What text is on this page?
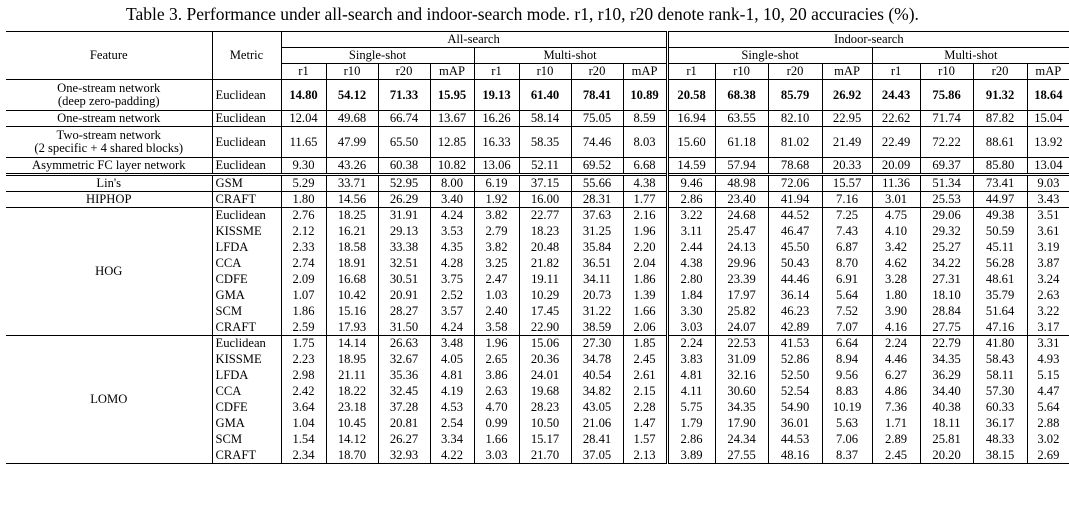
Table 3. Performance under all-search and indoor-search mode. r1, r10, r20 denote rank-1, 10, 20 accuracies (%).
Feature	Metric	All-search								Indoor-search							
		Single-shot				Multi-shot				Single-shot				Multi-shot			
		r1	r10	r20	mAP	r1	r10	r20	mAP	r1	r10	r20	mAP	r1	r10	r20	mAP
One-stream network
(deep zero-padding)	Euclidean	14.80	54.12	71.33	15.95	19.13	61.40	78.41	10.89	20.58	68.38	85.79	26.92	24.43	75.86	91.32	18.64
One-stream network	Euclidean	12.04	49.68	66.74	13.67	16.26	58.14	75.05	8.59	16.94	63.55	82.10	22.95	22.62	71.74	87.82	15.04
Two-stream network
(2 specific + 4 shared blocks)	Euclidean	11.65	47.99	65.50	12.85	16.33	58.35	74.46	8.03	15.60	61.18	81.02	21.49	22.49	72.22	88.61	13.92
Asymmetric FC layer network	Euclidean	9.30	43.26	60.38	10.82	13.06	52.11	69.52	6.68	14.59	57.94	78.68	20.33	20.09	69.37	85.80	13.04
Lin's	GSM	5.29	33.71	52.95	8.00	6.19	37.15	55.66	4.38	9.46	48.98	72.06	15.57	11.36	51.34	73.41	9.03
HIPHOP	CRAFT	1.80	14.56	26.29	3.40	1.92	16.00	28.31	1.77	2.86	23.40	41.94	7.16	3.01	25.53	44.97	3.43
HOG	Euclidean	2.76	18.25	31.91	4.24	3.82	22.77	37.63	2.16	3.22	24.68	44.52	7.25	4.75	29.06	49.38	3.51
	KISSME	2.12	16.21	29.13	3.53	2.79	18.23	31.25	1.96	3.11	25.47	46.47	7.43	4.10	29.32	50.59	3.61
	LFDA	2.33	18.58	33.38	4.35	3.82	20.48	35.84	2.20	2.44	24.13	45.50	6.87	3.42	25.27	45.11	3.19
	CCA	2.74	18.91	32.51	4.28	3.25	21.82	36.51	2.04	4.38	29.96	50.43	8.70	4.62	34.22	56.28	3.87
	CDFE	2.09	16.68	30.51	3.75	2.47	19.11	34.11	1.86	2.80	23.39	44.46	6.91	3.28	27.31	48.61	3.24
	GMA	1.07	10.42	20.91	2.52	1.03	10.29	20.73	1.39	1.84	17.97	36.14	5.64	1.80	18.10	35.79	2.63
	SCM	1.86	15.16	28.27	3.57	2.40	17.45	31.22	1.66	3.30	25.82	46.23	7.52	3.90	28.84	51.64	3.22
	CRAFT	2.59	17.93	31.50	4.24	3.58	22.90	38.59	2.06	3.03	24.07	42.89	7.07	4.16	27.75	47.16	3.17
LOMO	Euclidean	1.75	14.14	26.63	3.48	1.96	15.06	27.30	1.85	2.24	22.53	41.53	6.64	2.24	22.79	41.80	3.31
	KISSME	2.23	18.95	32.67	4.05	2.65	20.36	34.78	2.45	3.83	31.09	52.86	8.94	4.46	34.35	58.43	4.93
	LFDA	2.98	21.11	35.36	4.81	3.86	24.01	40.54	2.61	4.81	32.16	52.50	9.56	6.27	36.29	58.11	5.15
	CCA	2.42	18.22	32.45	4.19	2.63	19.68	34.82	2.15	4.11	30.60	52.54	8.83	4.86	34.40	57.30	4.47
	CDFE	3.64	23.18	37.28	4.53	4.70	28.23	43.05	2.28	5.75	34.35	54.90	10.19	7.36	40.38	60.33	5.64
	GMA	1.04	10.45	20.81	2.54	0.99	10.50	21.06	1.47	1.79	17.90	36.01	5.63	1.71	18.11	36.17	2.88
	SCM	1.54	14.12	26.27	3.34	1.66	15.17	28.41	1.57	2.86	24.34	44.53	7.06	2.89	25.81	48.33	3.02
	CRAFT	2.34	18.70	32.93	4.22	3.03	21.70	37.05	2.13	3.89	27.55	48.16	8.37	2.45	20.20	38.15	2.69
